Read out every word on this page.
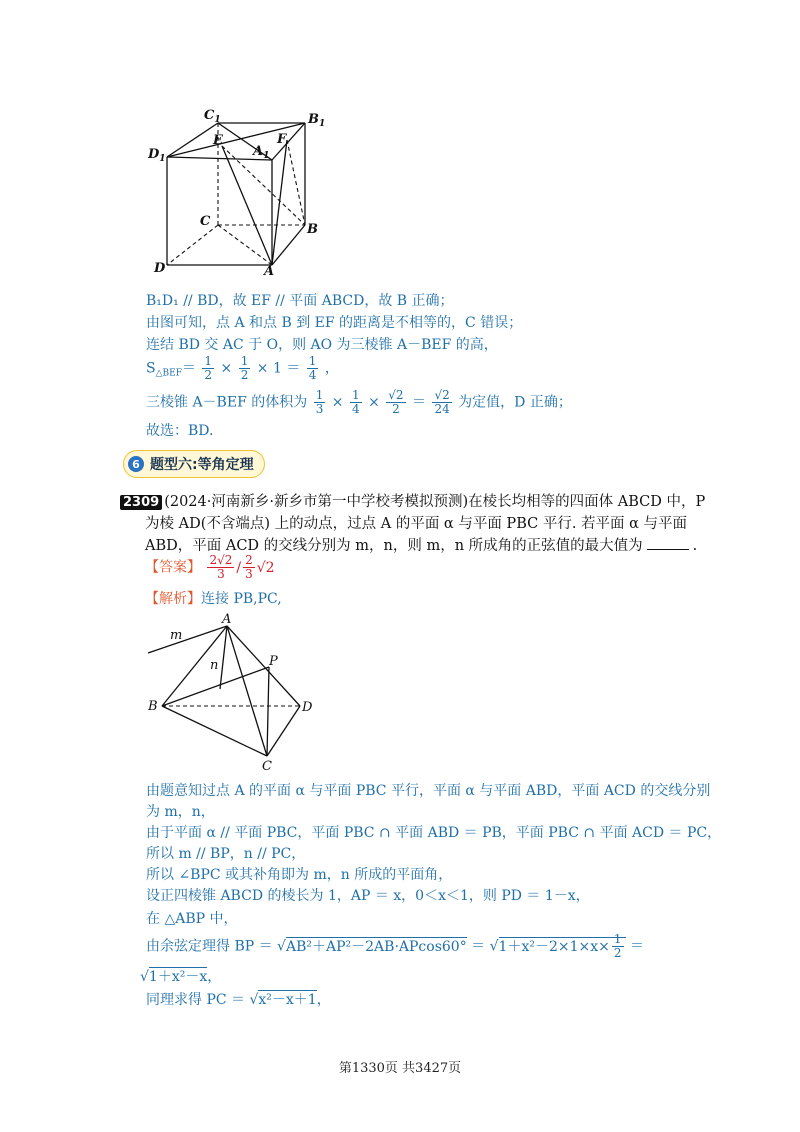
$C_1$	$B_1$
$D_1$	$A_1$
E	F
C
B
D	A
B₁D₁ // BD，故 EF // 平面 ABCD，故 B 正确；
由图可知，点 A 和点 B 到 EF 的距离是不相等的，C 错误；
连结 BD 交 AC 于 O，则 AO 为三棱锥 A－BEF 的高，
$S_{\triangle BEF}= \frac{1}{2} \times \frac{1}{2} \times 1 = \frac{1}{4}$ ，
三棱锥 A－BEF 的体积为 $\frac{1}{3} \times \frac{1}{4} \times \frac{√2}{2} = \frac{√2}{24}$ 为定值，D 正确；
故选：BD.
6 题型六:等角定理
2309 (2024·河南新乡·新乡市第一中学校考模拟预测)在棱长均相等的四面体 ABCD 中，P
为棱 AD(不含端点) 上的动点，过点 A 的平面 α 与平面 PBC 平行. 若平面 α 与平面
ABD，平面 ACD 的交线分别为 m，n，则 m，n 所成角的正弦值的最大值为	.
【答案】 $\frac{2√2}{3} / \frac{2}{3} √2$
【解析】连接 PB,PC,
A
B
C
D
P
m
n
由题意知过点 A 的平面 α 与平面 PBC 平行，平面 α 与平面 ABD，平面 ACD 的交线分别
为 m，n，
由于平面 α // 平面 PBC，平面 PBC ∩ 平面 ABD ＝ PB，平面 PBC ∩ 平面 ACD ＝ PC，
所以 m // BP，n // PC，
所以 ∠BPC 或其补角即为 m，n 所成的平面角，
设正四棱锥 ABCD 的棱长为 1，AP ＝ x，0＜x＜1，则 PD ＝ 1－x，
在 △ABP 中，
由余弦定理得 BP ＝ $√AB^2+AP^2-2AB\cdot APcos60^\circ = √1+x^2-2\times 1\times x\times \frac{1}{2}$ ＝
√1＋x²－x，
同理求得 PC ＝ √x²－x＋1，
第1330页 共3427页
